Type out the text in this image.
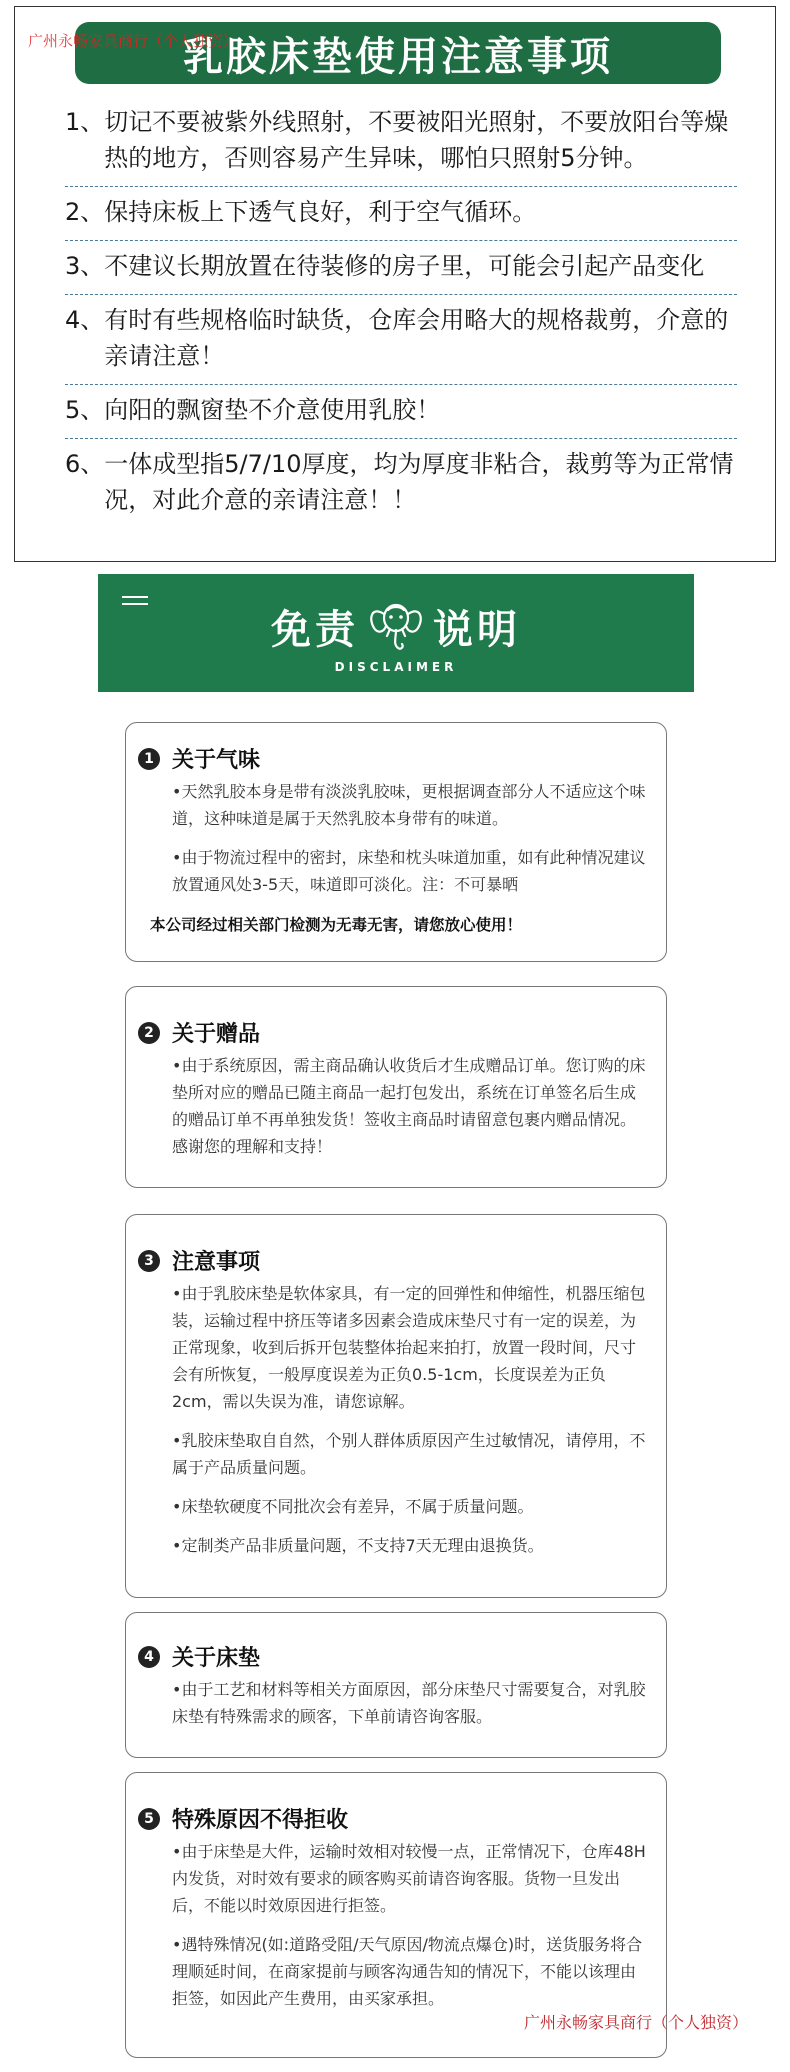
乳胶床垫使用注意事项
1、 切记不要被紫外线照射，不要被阳光照射，不要放阳台等燥热的地方，否则容易产生异味，哪怕只照射5分钟。
2、 保持床板上下透气良好，利于空气循环。
3、 不建议长期放置在待装修的房子里，可能会引起产品变化
4、 有时有些规格临时缺货，仓库会用略大的规格裁剪，介意的亲请注意！
5、 向阳的飘窗垫不介意使用乳胶！
6、 一体成型指5/7/10厚度，均为厚度非粘合，裁剪等为正常情况，对此介意的亲请注意！！
广州永畅家具商行（个人独资）
免责 说明
DISCLAIMER
1 关于气味

•天然乳胶本身是带有淡淡乳胶味，更根据调查部分人不适应这个味道，这种味道是属于天然乳胶本身带有的味道。

•由于物流过程中的密封，床垫和枕头味道加重，如有此种情况建议放置通风处3-5天，味道即可淡化。注：不可暴晒

本公司经过相关部门检测为无毒无害，请您放心使用！

2 关于赠品

•由于系统原因，需主商品确认收货后才生成赠品订单。您订购的床垫所对应的赠品已随主商品一起打包发出，系统在订单签名后生成的赠品订单不再单独发货！签收主商品时请留意包裹内赠品情况。感谢您的理解和支持！

3 注意事项

•由于乳胶床垫是软体家具，有一定的回弹性和伸缩性，机器压缩包装，运输过程中挤压等诸多因素会造成床垫尺寸有一定的误差，为正常现象，收到后拆开包装整体抬起来拍打，放置一段时间，尺寸会有所恢复，一般厚度误差为正负0.5-1cm，长度误差为正负2cm，需以失误为准，请您谅解。

•乳胶床垫取自自然，个别人群体质原因产生过敏情况，请停用，不属于产品质量问题。

•床垫软硬度不同批次会有差异，不属于质量问题。

•定制类产品非质量问题，不支持7天无理由退换货。

4 关于床垫

•由于工艺和材料等相关方面原因，部分床垫尺寸需要复合，对乳胶床垫有特殊需求的顾客，下单前请咨询客服。

5 特殊原因不得拒收

•由于床垫是大件，运输时效相对较慢一点，正常情况下，仓库48H内发货，对时效有要求的顾客购买前请咨询客服。货物一旦发出后，不能以时效原因进行拒签。

•遇特殊情况(如:道路受阻/天气原因/物流点爆仓)时，送货服务将合理顺延时间，在商家提前与顾客沟通告知的情况下，不能以该理由拒签，如因此产生费用，由买家承担。

广州永畅家具商行（个人独资）
